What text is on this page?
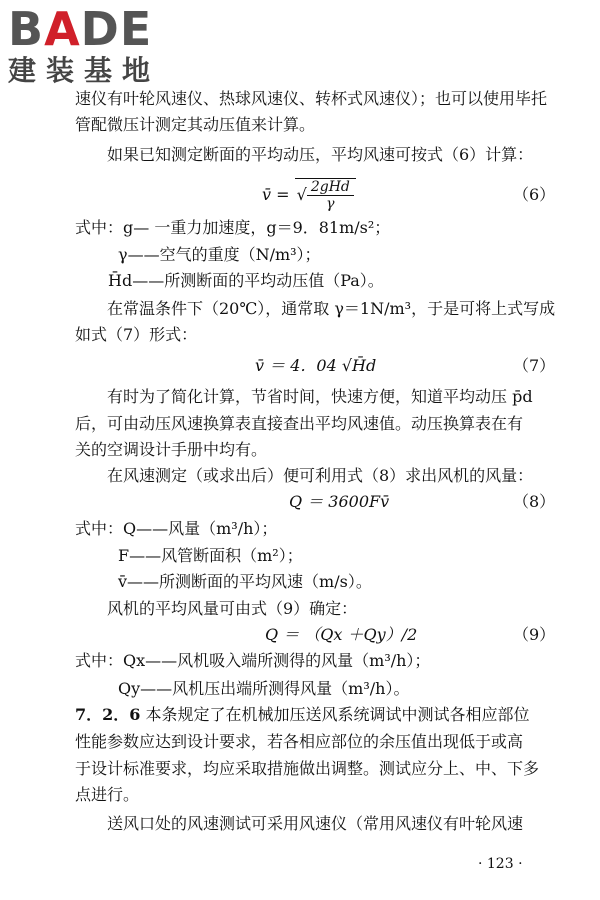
BADE
建装基地
速仪有叶轮风速仪、热球风速仪、转杯式风速仪）；也可以使用毕托
管配微压计测定其动压值来计算。
如果已知测定断面的平均动压，平均风速可按式（6）计算：
v̄ = √ $\frac{2gH̄d}{\gamma}$	（6）
式中：g— 一重力加速度，g＝9．81m/s²；
γ——空气的重度（N/m³）；
H̄d——所测断面的平均动压值（Pa）。
在常温条件下（20℃），通常取 γ＝1N/m³，于是可将上式写成
如式（7）形式：
v̄ ＝ 4．04 √H̄d	（7）
有时为了简化计算，节省时间，快速方便，知道平均动压 p̄d
后，可由动压风速换算表直接查出平均风速值。动压换算表在有
关的空调设计手册中均有。
在风速测定（或求出后）便可利用式（8）求出风机的风量：
Q ＝ 3600Fv̄	（8）
式中：Q——风量（m³/h）；
F——风管断面积（m²）；
v̄——所测断面的平均风速（m/s）。
风机的平均风量可由式（9）确定：
Q ＝ （Qx ＋Qy）/2	（9）
式中：Qx——风机吸入端所测得的风量（m³/h）；
Qy——风机压出端所测得风量（m³/h）。
7．2．6 本条规定了在机械加压送风系统调试中测试各相应部位
性能参数应达到设计要求，若各相应部位的余压值出现低于或高
于设计标准要求，均应采取措施做出调整。测试应分上、中、下多
点进行。
送风口处的风速测试可采用风速仪（常用风速仪有叶轮风速
· 123 ·
